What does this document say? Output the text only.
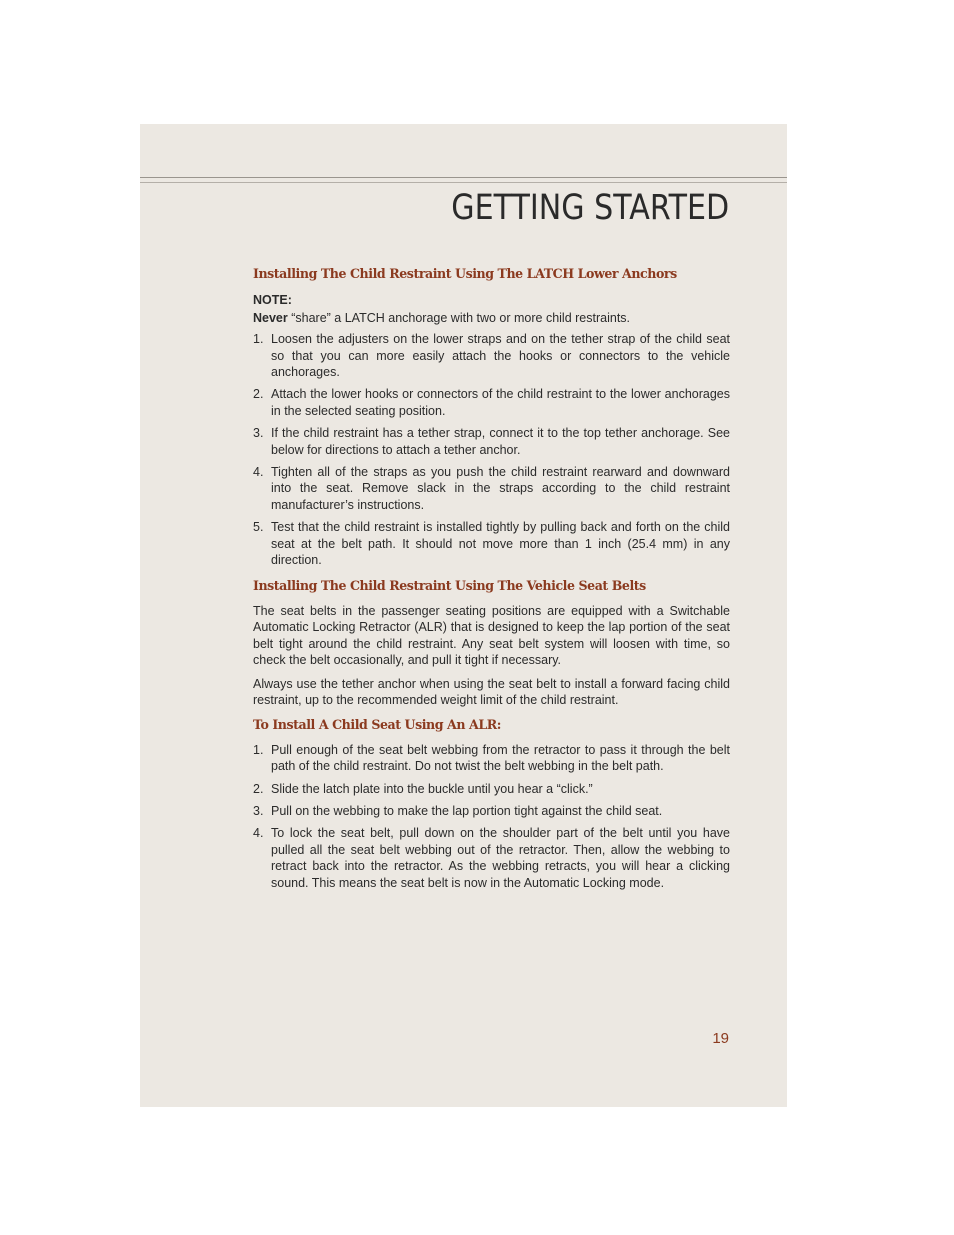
GETTING STARTED
Installing The Child Restraint Using The LATCH Lower Anchors

NOTE:

Never “share” a LATCH anchorage with two or more child restraints.

1. Loosen the adjusters on the lower straps and on the tether strap of the child seat so that you can more easily attach the hooks or connectors to the vehicle anchorages.
2. Attach the lower hooks or connectors of the child restraint to the lower anchorages in the selected seating position.
3. If the child restraint has a tether strap, connect it to the top tether anchorage. See below for directions to attach a tether anchor.
4. Tighten all of the straps as you push the child restraint rearward and downward into the seat. Remove slack in the straps according to the child restraint manufacturer’s instructions.
5. Test that the child restraint is installed tightly by pulling back and forth on the child seat at the belt path. It should not move more than 1 inch (25.4 mm) in any direction.
Installing The Child Restraint Using The Vehicle Seat Belts

The seat belts in the passenger seating positions are equipped with a Switchable Automatic Locking Retractor (ALR) that is designed to keep the lap portion of the seat belt tight around the child restraint. Any seat belt system will loosen with time, so check the belt occasionally, and pull it tight if necessary.

Always use the tether anchor when using the seat belt to install a forward facing child restraint, up to the recommended weight limit of the child restraint.

To Install A Child Seat Using An ALR:
1. Pull enough of the seat belt webbing from the retractor to pass it through the belt path of the child restraint. Do not twist the belt webbing in the belt path.
2. Slide the latch plate into the buckle until you hear a “click.”
3. Pull on the webbing to make the lap portion tight against the child seat.
4. To lock the seat belt, pull down on the shoulder part of the belt until you have pulled all the seat belt webbing out of the retractor. Then, allow the webbing to retract back into the retractor. As the webbing retracts, you will hear a clicking sound. This means the seat belt is now in the Automatic Locking mode.
19
